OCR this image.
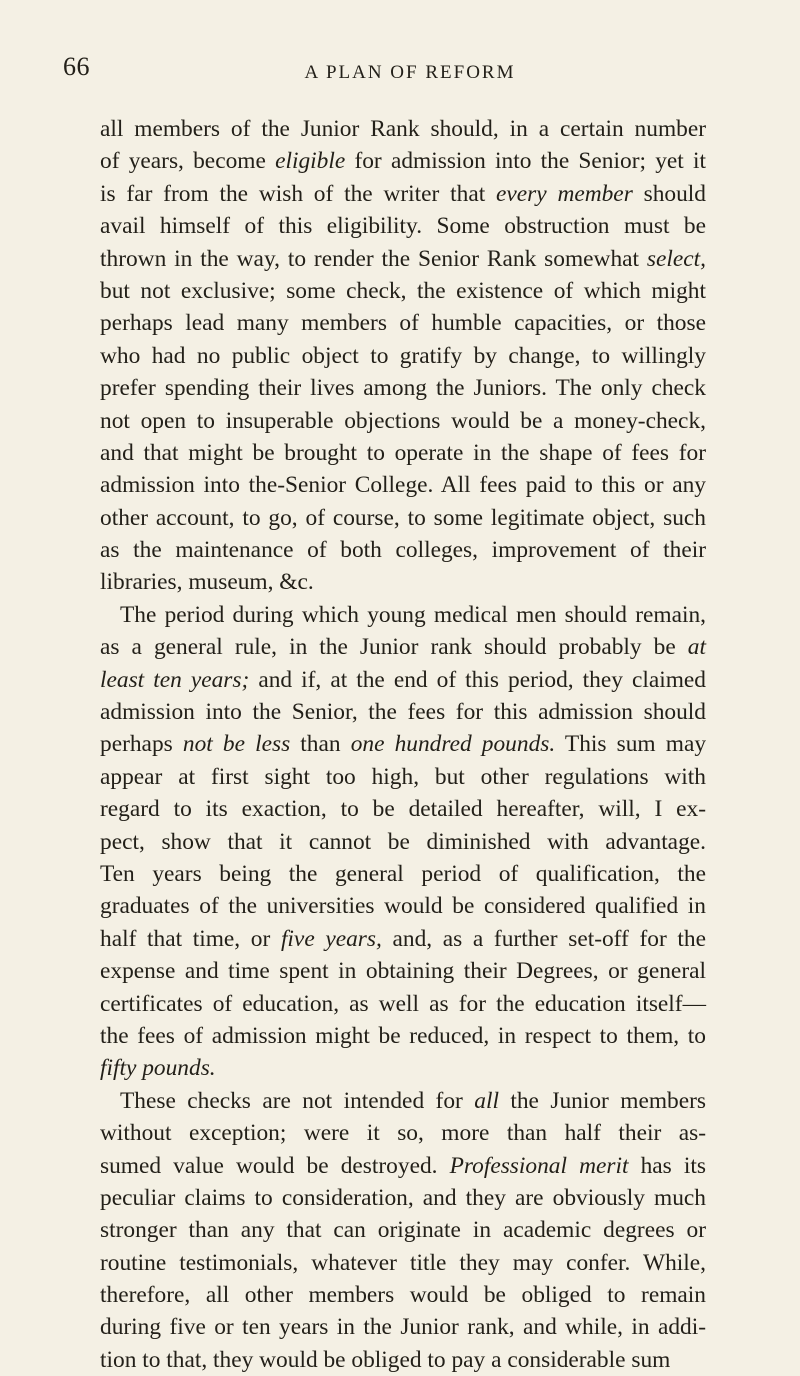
66	A PLAN OF REFORM
all members of the Junior Rank should, in a certain number
of years, become eligible for admission into the Senior; yet it
is far from the wish of the writer that every member should
avail himself of this eligibility. Some obstruction must be
thrown in the way, to render the Senior Rank somewhat select,
but not exclusive; some check, the existence of which might
perhaps lead many members of humble capacities, or those
who had no public object to gratify by change, to willingly
prefer spending their lives among the Juniors. The only check
not open to insuperable objections would be a money-check,
and that might be brought to operate in the shape of fees for
admission into the-Senior College. All fees paid to this or any
other account, to go, of course, to some legitimate object, such
as the maintenance of both colleges, improvement of their
libraries, museum, &c.
The period during which young medical men should remain,
as a general rule, in the Junior rank should probably be at
least ten years; and if, at the end of this period, they claimed
admission into the Senior, the fees for this admission should
perhaps not be less than one hundred pounds. This sum may
appear at first sight too high, but other regulations with
regard to its exaction, to be detailed hereafter, will, I ex-
pect, show that it cannot be diminished with advantage.
Ten years being the general period of qualification, the
graduates of the universities would be considered qualified in
half that time, or five years, and, as a further set-off for the
expense and time spent in obtaining their Degrees, or general
certificates of education, as well as for the education itself—
the fees of admission might be reduced, in respect to them, to
fifty pounds.
These checks are not intended for all the Junior members
without exception; were it so, more than half their as-
sumed value would be destroyed. Professional merit has its
peculiar claims to consideration, and they are obviously much
stronger than any that can originate in academic degrees or
routine testimonials, whatever title they may confer. While,
therefore, all other members would be obliged to remain
during five or ten years in the Junior rank, and while, in addi-
tion to that, they would be obliged to pay a considerable sum
